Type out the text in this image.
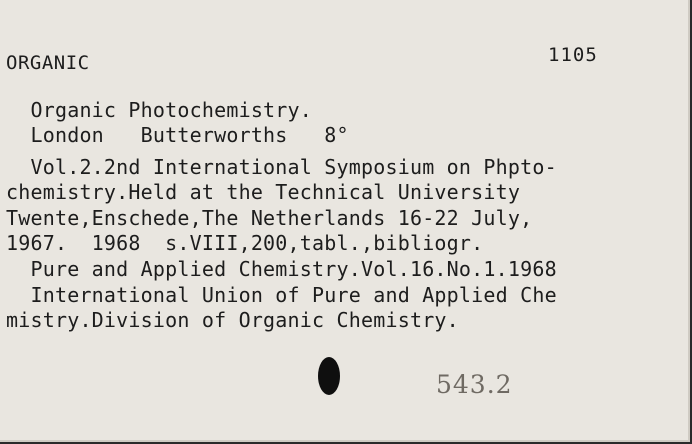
ORGANIC	1105
Organic Photochemistry.
London   Butterworths   8°
Vol.2.2nd International Symposium on Phpto-
chemistry.Held at the Technical University
Twente,Enschede,The Netherlands 16-22 July,
1967.  1968  s.VIII,200,tabl.,bibliogr.
Pure and Applied Chemistry.Vol.16.No.1.1968
International Union of Pure and Applied Che
mistry.Division of Organic Chemistry.
543.2
